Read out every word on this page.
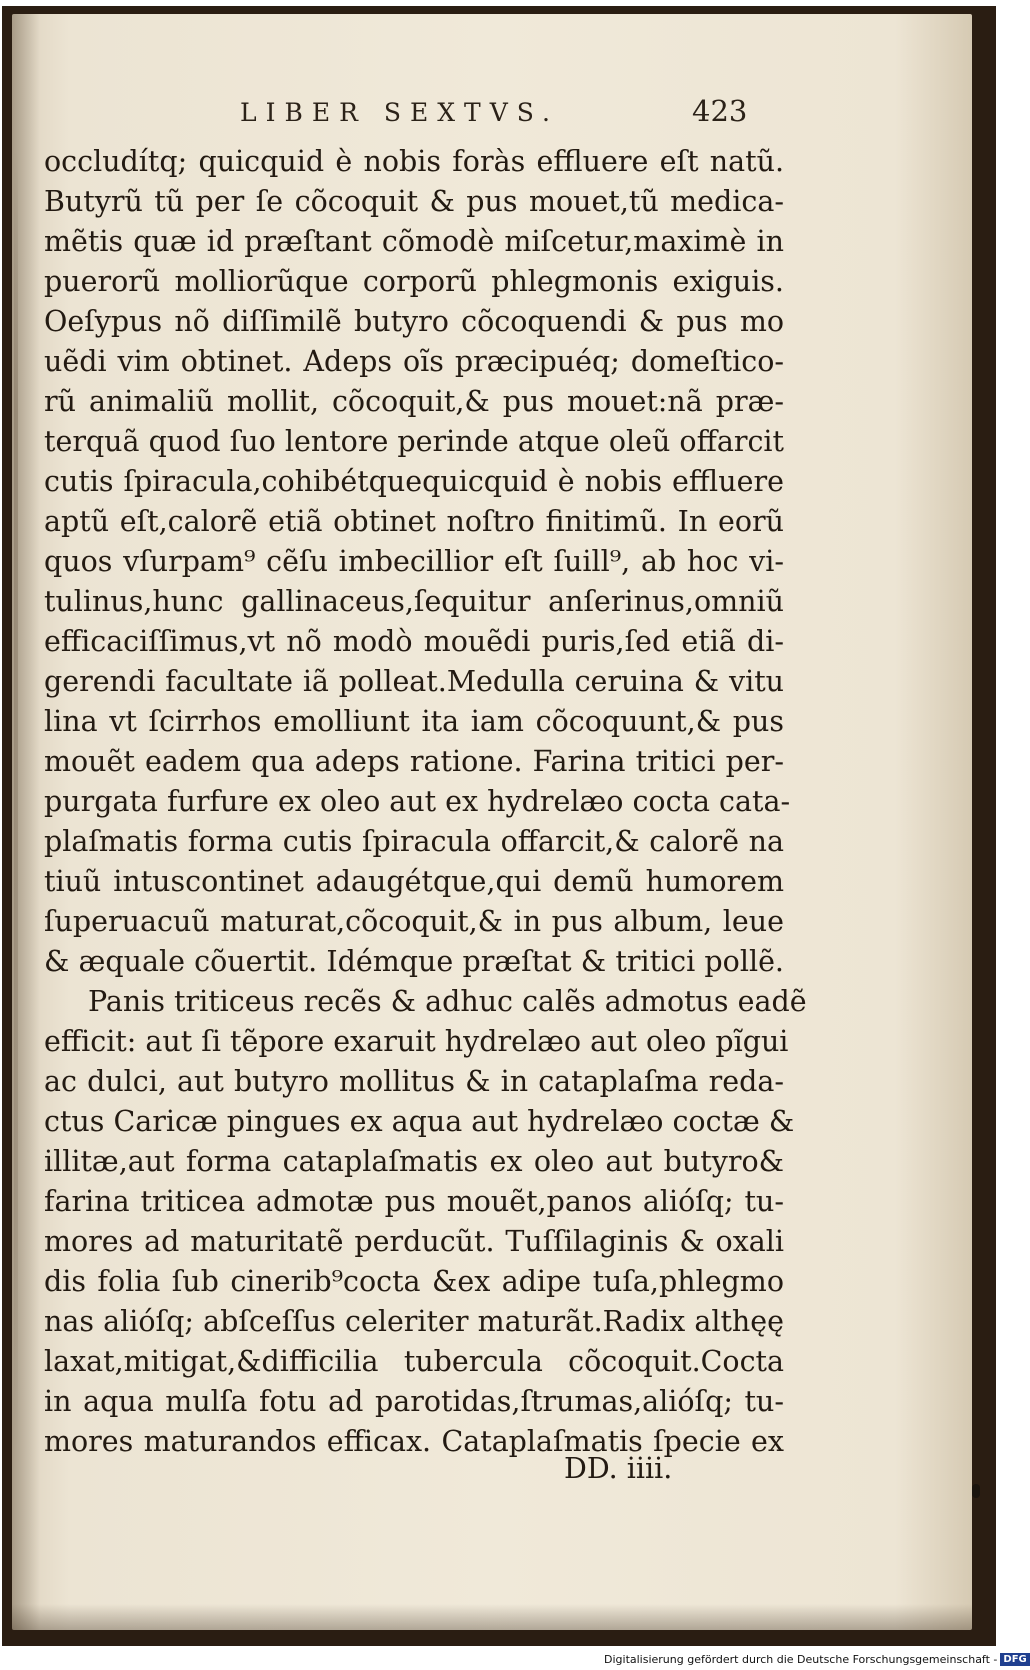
LIBER SEXTVS.	423
occludítq; quicquid è nobis foràs effluere eſt natũ.
Butyrũ tũ per ſe cõcoquit & pus mouet,tũ medica-
mẽtis quæ id præſtant cõmodè miſcetur,maximè in
puerorũ molliorũque corporũ phlegmonis exiguis.
Oeſypus nõ diſſimilẽ butyro cõcoquendi & pus mo
uẽdi vim obtinet. Adeps oĩs præcipuéq; domeſtico-
rũ animaliũ mollit, cõcoquit,& pus mouet:nã præ-
terquã quod ſuo lentore perinde atque oleũ offarcit
cutis ſpiracula,cohibétquequicquid è nobis effluere
aptũ eſt,calorẽ etiã obtinet noſtro finitimũ. In eorũ
quos vſurpam⁹ cẽſu imbecillior eſt ſuill⁹, ab hoc vi-
tulinus,hunc gallinaceus,ſequitur anſerinus,omniũ
efficaciſſimus,vt nõ modò mouẽdi puris,ſed etiã di-
gerendi facultate iã polleat.Medulla ceruina & vitu
lina vt ſcirrhos emolliunt ita iam cõcoquunt,& pus
mouẽt eadem qua adeps ratione. Farina tritici per-
purgata furfure ex oleo aut ex hydrelæo cocta cata-
plaſmatis forma cutis ſpiracula offarcit,& calorẽ na
tiuũ intuscontinet adaugétque,qui demũ humorem
ſuperuacuũ maturat,cõcoquit,& in pus album, leue
& æquale cõuertit. Idémque præſtat & tritici pollẽ.
Panis triticeus recẽs & adhuc calẽs admotus eadẽ
efficit: aut ſi tẽpore exaruit hydrelæo aut oleo pĩgui
ac dulci, aut butyro mollitus & in cataplaſma reda-
ctus Caricæ pingues ex aqua aut hydrelæo coctæ &
illitæ,aut forma cataplaſmatis ex oleo aut butyro&
farina triticea admotæ pus mouẽt,panos alióſq; tu-
mores ad maturitatẽ perducũt. Tuſſilaginis & oxali
dis folia ſub cinerib⁹cocta &ex adipe tuſa,phlegmo
nas alióſq; abſceſſus celeriter maturãt.Radix althęę
laxat,mitigat,&difficilia tubercula cõcoquit.Cocta
in aqua mulſa fotu ad parotidas,ſtrumas,alióſq; tu-
mores maturandos efficax. Cataplaſmatis ſpecie ex
DD. iiii.
Digitalisierung gefördert durch die Deutsche Forschungsgemeinschaft - DFG
